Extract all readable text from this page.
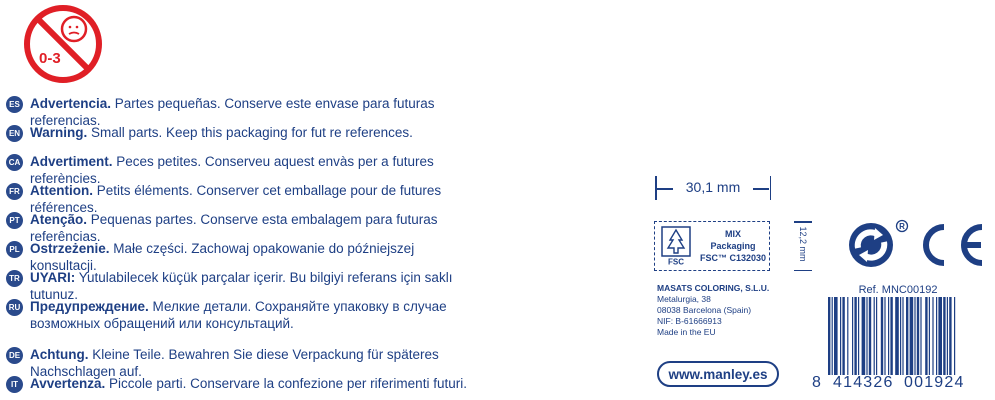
0-3
ES Advertencia. Partes pequeñas. Conserve este envase para futuras referencias.
EN Warning. Small parts. Keep this packaging for fut re references.
CA Advertiment. Peces petites. Conserveu aquest envàs per a futures referències.
FR Attention. Petits éléments. Conserver cet emballage pour de futures références.
PT Atenção. Pequenas partes. Conserve esta embalagem para futuras referências.
PL Ostrzeżenie. Małe części. Zachowaj opakowanie do późniejszej konsultacji.
TR UYARI: Yutulabilecek küçük parçalar içerir. Bu bilgiyi referans için saklı tutunuz.
RU Предупреждение. Мелкие детали. Сохраняйте упаковку в случае возможных обращений или консультаций.
DE Achtung. Kleine Teile. Bewahren Sie diese Verpackung für späteres Nachschlagen auf.
IT Avvertenza. Piccole parti. Conservare la confezione per riferimenti futuri.
30,1 mm
FSC
MIX
Packaging
FSC™ C132030	12,2 mm	R
MASATS COLORING, S.L.U.
Metalurgia, 38
08038 Barcelona (Spain)
NIF: B-61666913
Made in the EU
Ref. MNC00192
8 414326 001924
www.manley.es
